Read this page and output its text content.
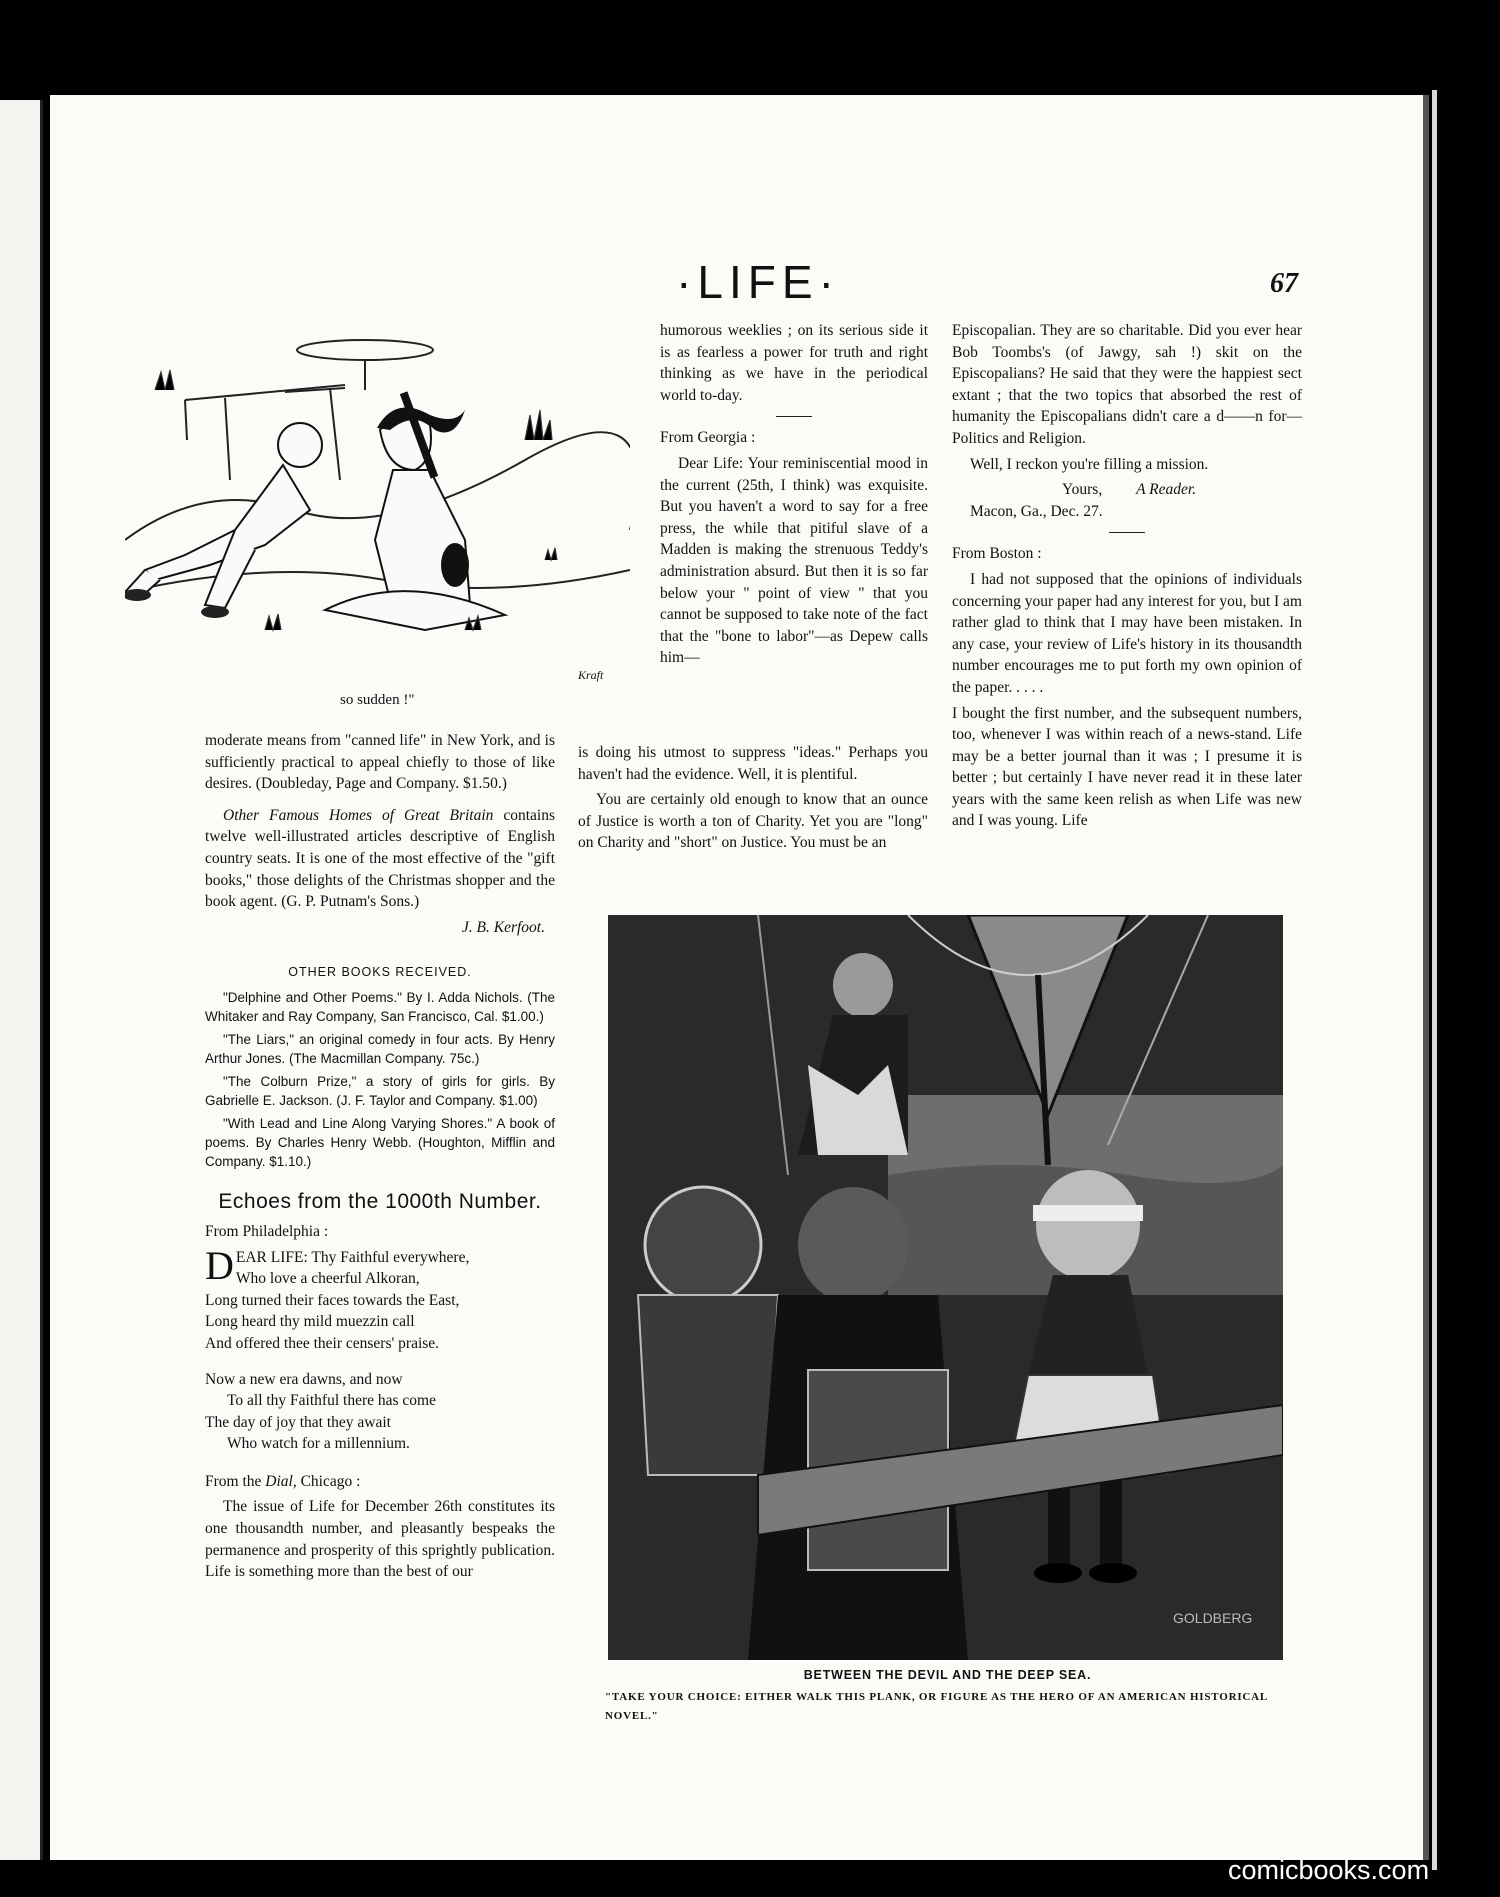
·LIFE·	67
Kraft
so sudden !"

moderate means from "canned life" in New York, and is sufficiently practical to appeal chiefly to those of like desires. (Doubleday, Page and Company. $1.50.)

Other Famous Homes of Great Britain contains twelve well-illustrated articles descriptive of English country seats. It is one of the most effective of the "gift books," those delights of the Christmas shopper and the book agent. (G. P. Putnam's Sons.)

J. B. Kerfoot.
OTHER BOOKS RECEIVED.

"Delphine and Other Poems." By I. Adda Nichols. (The Whitaker and Ray Company, San Francisco, Cal. $1.00.)

"The Liars," an original comedy in four acts. By Henry Arthur Jones. (The Macmillan Company. 75c.)

"The Colburn Prize," a story of girls for girls. By Gabrielle E. Jackson. (J. F. Taylor and Company. $1.00)

"With Lead and Line Along Varying Shores." A book of poems. By Charles Henry Webb. (Houghton, Mifflin and Company. $1.10.)

Echoes from the 1000th Number.

From Philadelphia :

D EAR LIFE: Thy Faithful everywhere,
Who love a cheerful Alkoran,
Long turned their faces towards the East,
Long heard thy mild muezzin call
And offered thee their censers' praise.
Now a new era dawns, and now
To all thy Faithful there has come
The day of joy that they await
Who watch for a millennium.

From the Dial, Chicago :

The issue of Life for December 26th constitutes its one thousandth number, and pleasantly bespeaks the permanence and prosperity of this sprightly publication. Life is something more than the best of our

humorous weeklies ; on its serious side it is as fearless a power for truth and right thinking as we have in the periodical world to-day.

From Georgia :

Dear Life: Your reminiscential mood in the current (25th, I think) was exquisite. But you haven't a word to say for a free press, the while that pitiful slave of a Madden is making the strenuous Teddy's administration absurd. But then it is so far below your " point of view " that you cannot be supposed to take note of the fact that the "bone to labor"—as Depew calls him—

is doing his utmost to suppress "ideas." Perhaps you haven't had the evidence. Well, it is plentiful.

You are certainly old enough to know that an ounce of Justice is worth a ton of Charity. Yet you are "long" on Charity and "short" on Justice. You must be an

Episcopalian. They are so charitable. Did you ever hear Bob Toombs's (of Jawgy, sah !) skit on the Episcopalians? He said that they were the happiest sect extant ; that the two topics that absorbed the rest of humanity the Episcopalians didn't care a d——n for—Politics and Religion.

Well, I reckon you're filling a mission.

Yours, A Reader.
Macon, Ga., Dec. 27.

From Boston :

I had not supposed that the opinions of individuals concerning your paper had any interest for you, but I am rather glad to think that I may have been mistaken. In any case, your review of Life's history in its thousandth number encourages me to put forth my own opinion of the paper. . . . .

I bought the first number, and the subsequent numbers, too, whenever I was within reach of a news-stand. Life may be a better journal than it was ; I presume it is better ; but certainly I have never read it in these later years with the same keen relish as when Life was new and I was young. Life

GOLDBERG
BETWEEN THE DEVIL AND THE DEEP SEA.
"TAKE YOUR CHOICE: EITHER WALK THIS PLANK, OR FIGURE AS THE HERO OF AN AMERICAN HISTORICAL NOVEL."
comicbooks.com
